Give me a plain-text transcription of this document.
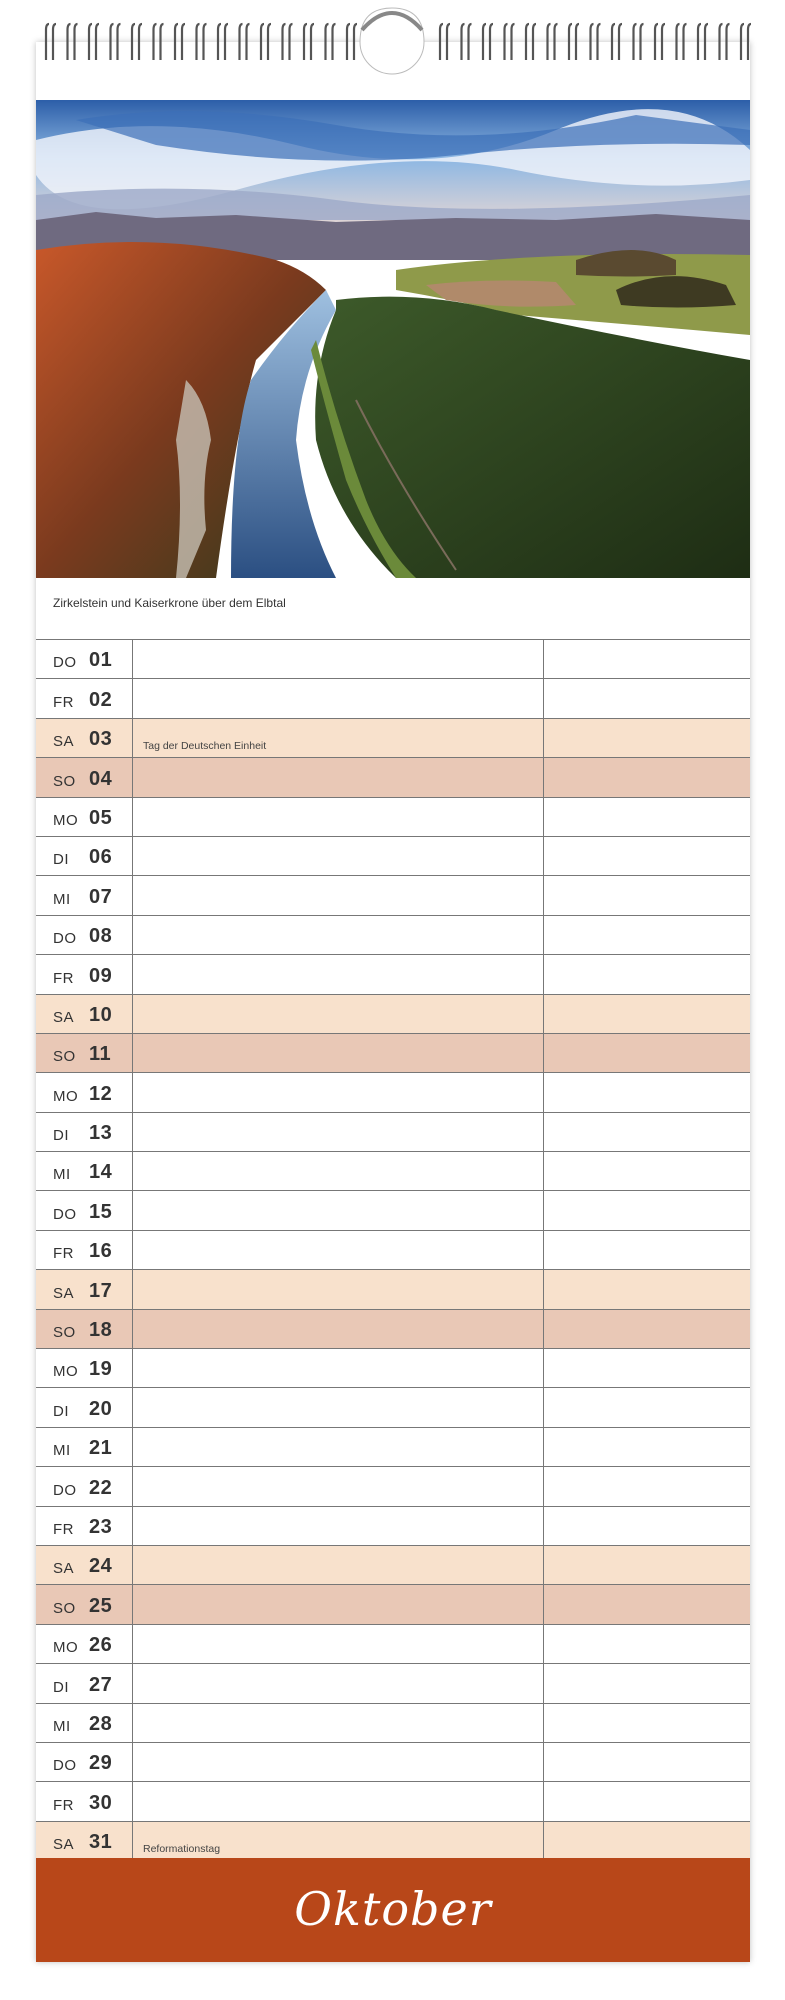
Zirkelstein und Kaiserkrone über dem Elbtal
DO 01
FR 02
SA 03	Tag der Deutschen Einheit
SO 04
MO 05
DI 06
MI 07
DO 08
FR 09
SA 10
SO 11
MO 12
DI 13
MI 14
DO 15
FR 16
SA 17
SO 18
MO 19
DI 20
MI 21
DO 22
FR 23
SA 24
SO 25
MO 26
DI 27
MI 28
DO 29
FR 30
SA 31	Reformationstag
Oktober
